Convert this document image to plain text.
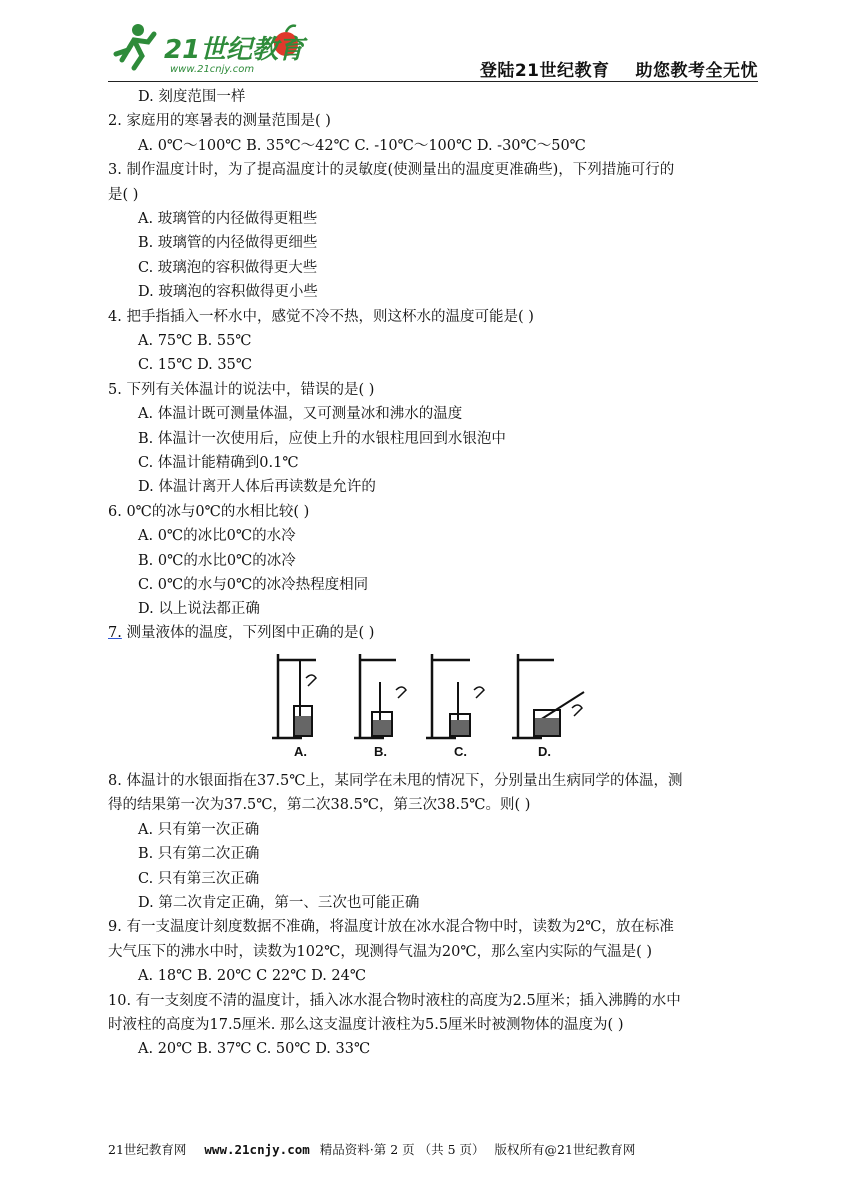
21世纪教育
www.21cnjy.com	登陆21世纪教育 助您教考全无忧
D. 刻度范围一样
2. 家庭用的寒暑表的测量范围是( )
A. 0℃～100℃ B. 35℃～42℃ C. -10℃～100℃ D. -30℃～50℃
3. 制作温度计时，为了提高温度计的灵敏度(使测量出的温度更准确些)，下列措施可行的
是( )
A. 玻璃管的内径做得更粗些
B. 玻璃管的内径做得更细些
C. 玻璃泡的容积做得更大些
D. 玻璃泡的容积做得更小些
4. 把手指插入一杯水中，感觉不冷不热，则这杯水的温度可能是( )
A. 75℃ B. 55℃
C. 15℃ D. 35℃
5. 下列有关体温计的说法中，错误的是( )
A. 体温计既可测量体温，又可测量冰和沸水的温度
B. 体温计一次使用后，应使上升的水银柱甩回到水银泡中
C. 体温计能精确到0.1℃
D. 体温计离开人体后再读数是允许的
6. 0℃的冰与0℃的水相比较( )
A. 0℃的冰比0℃的水冷
B. 0℃的水比0℃的冰冷
C. 0℃的水与0℃的冰冷热程度相同
D. 以上说法都正确
7. 测量液体的温度，下列图中正确的是( )
8. 体温计的水银面指在37.5℃上，某同学在未甩的情况下，分别量出生病同学的体温，测
得的结果第一次为37.5℃，第二次38.5℃，第三次38.5℃。则( )
A. 只有第一次正确
B. 只有第二次正确
C. 只有第三次正确
D. 第二次肯定正确，第一、三次也可能正确
9. 有一支温度计刻度数据不准确，将温度计放在冰水混合物中时，读数为2℃，放在标准
大气压下的沸水中时，读数为102℃，现测得气温为20℃，那么室内实际的气温是( )
A. 18℃ B. 20℃ C 22℃ D. 24℃
10. 有一支刻度不清的温度计，插入冰水混合物时液柱的高度为2.5厘米；插入沸腾的水中
时液柱的高度为17.5厘米. 那么这支温度计液柱为5.5厘米时被测物体的温度为( )
A. 20℃ B. 37℃ C. 50℃ D. 33℃
A.	B.	C.	D.
21世纪教育网 www.21cnjy.com 精品资料·第 2 页 （共 5 页） 版权所有@21世纪教育网
